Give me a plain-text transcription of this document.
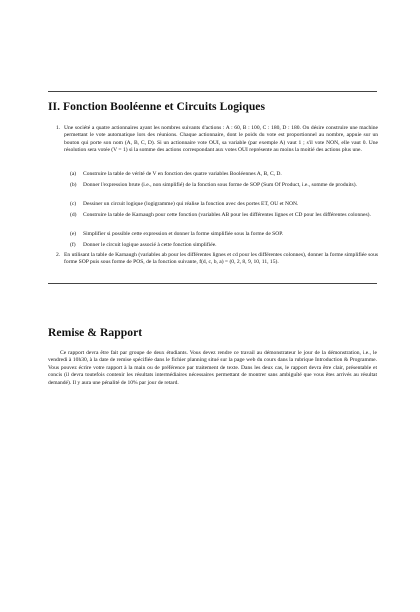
II. Fonction Booléenne et Circuits Logiques
1. Une société a quatre actionnaires ayant les nombres suivants d'actions : A : 60, B : 100, C : 180, D : 180. On désire construire une machine permettant le vote automatique lors des réunions. Chaque actionnaire, dont le poids du vote est proportionnel au nombre, appuie sur un bouton qui porte son nom (A, B, C, D). Si un actionnaire vote OUI, sa variable (par exemple A) vaut 1 ; s'il vote NON, elle vaut 0. Une résolution sera votée (V = 1) si la somme des actions correspondant aux votes OUI représente au moins la moitié des actions plus une.

(a) Construire la table de vérité de V en fonction des quatre variables Booléennes A, B, C, D.

(b) Donner l'expression brute (i.e., non simplifié) de la fonction sous forme de SOP (Sum Of Product, i.e., somme de produits).

(c) Dessiner un circuit logique (logigramme) qui réalise la fonction avec des portes ET, OU et NON.

(d) Construire la table de Karnaugh pour cette fonction (variables AB pour les différentes lignes et CD pour les différentes colonnes).

(e) Simplifier si possible cette expression et donner la forme simplifiée sous la forme de SOP.

(f) Donner le circuit logique associé à cette fonction simplifiée.

2. En utilisant la table de Karnaugh (variables ab pour les différentes lignes et cd pour les différentes colonnes), donner la forme simplifiée sous forme SOP puis sous forme de POS, de la fonction suivante, f(d, c, b, a) = (0, 2, 8, 9, 10, 11, 15).

Remise & Rapport

Ce rapport devra être fait par groupe de deux étudiants. Vous devez rendre ce travail au démonstrateur le jour de la démonstration, i.e., le vendredi à 10h30, à la date de remise spécifiée dans le fichier planning situé sur la page web du cours dans la rubrique Introduction & Programme. Vous pouvez écrire votre rapport à la main ou de préférence par traitement de texte. Dans les deux cas, le rapport devra être clair, présentable et concis (il devra toutefois contenir les résultats intermédiaires nécessaires permettant de montrer sans ambiguïté que vous êtes arrivés au résultat demandé). Il y aura une pénalité de 10% par jour de retard.
